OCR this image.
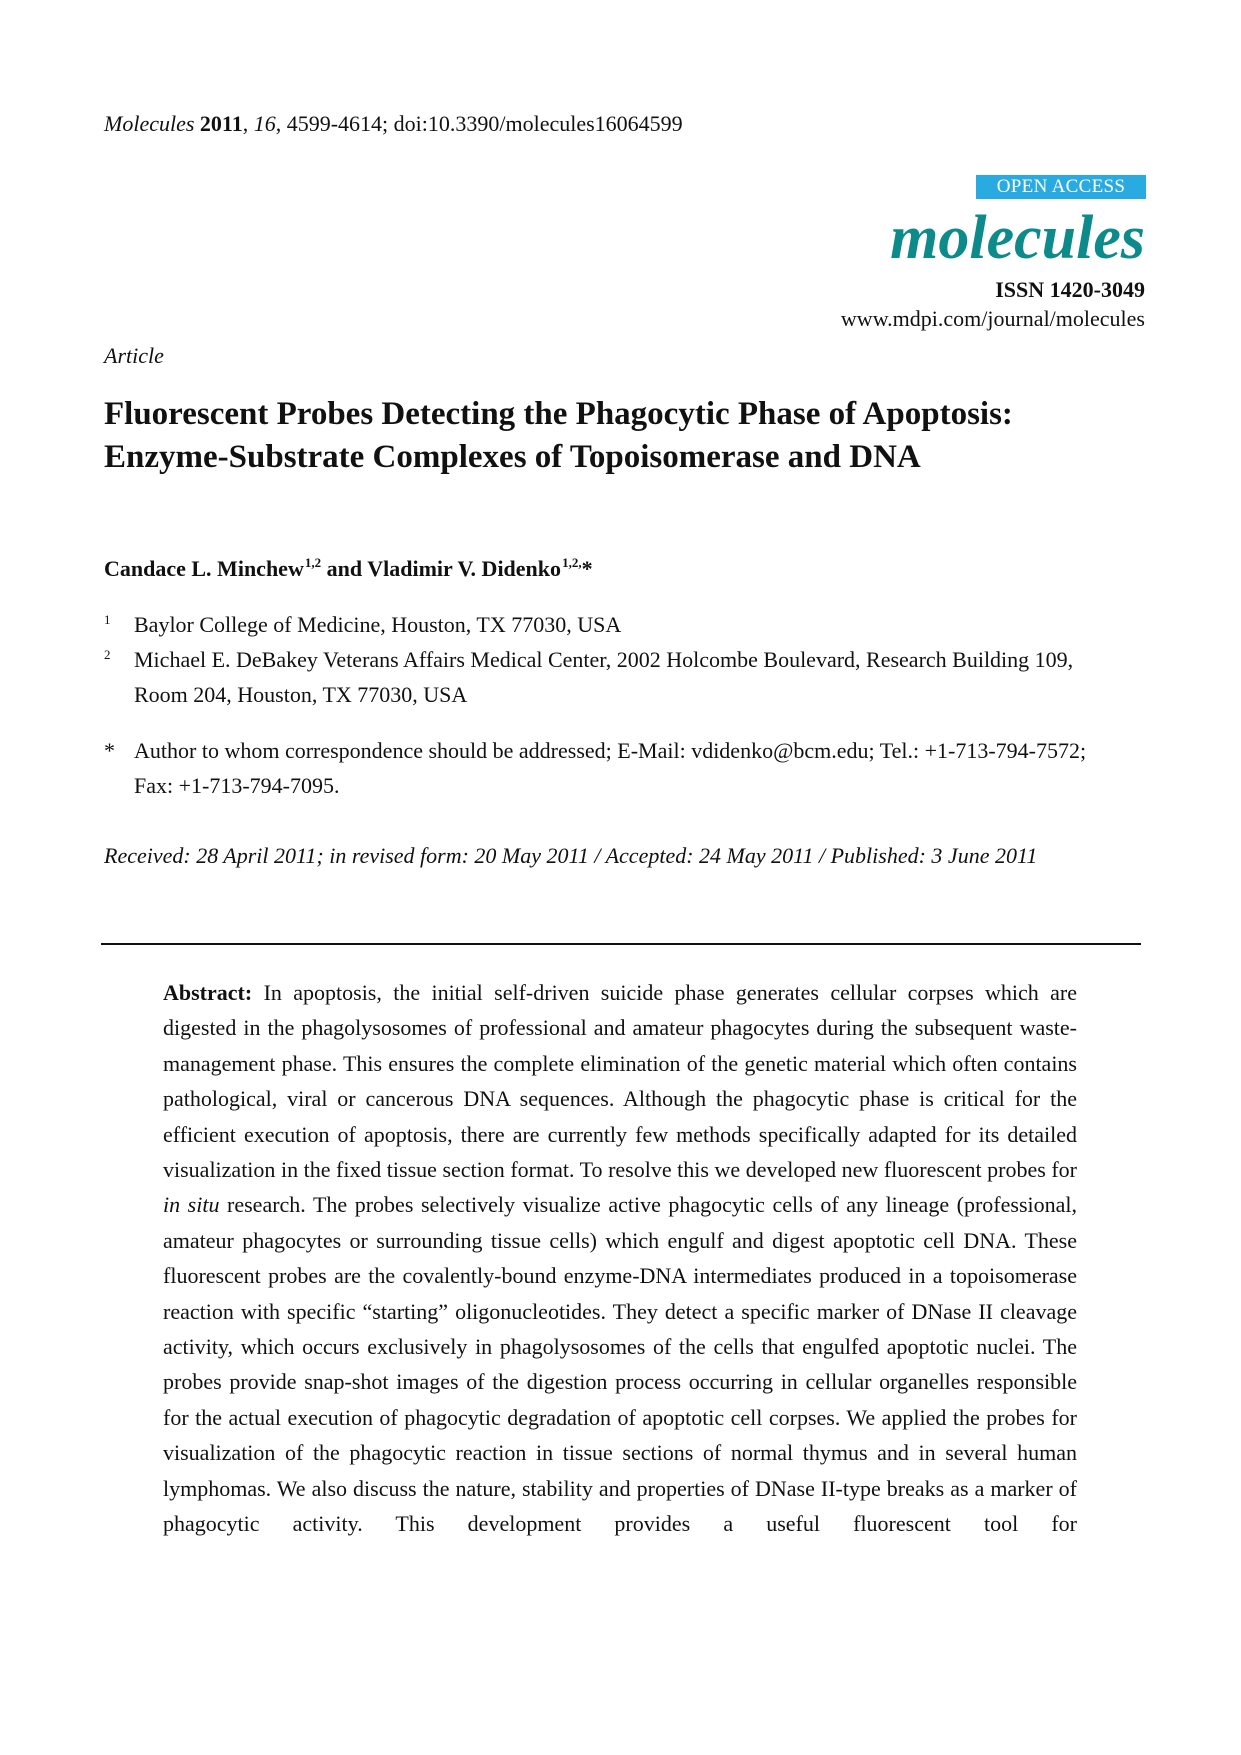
Molecules 2011, 16, 4599-4614; doi:10.3390/molecules16064599
OPEN ACCESS
molecules
ISSN 1420-3049
www.mdpi.com/journal/molecules
Article
Fluorescent Probes Detecting the Phagocytic Phase of Apoptosis: Enzyme-Substrate Complexes of Topoisomerase and DNA
Candace L. Minchew $^{1,2}$ and Vladimir V. Didenko $^{1,2,}$*
1	Baylor College of Medicine, Houston, TX 77030, USA
2	Michael E. DeBakey Veterans Affairs Medical Center, 2002 Holcombe Boulevard, Research Building 109, Room 204, Houston, TX 77030, USA
* Author to whom correspondence should be addressed; E-Mail: vdidenko@bcm.edu; Tel.: +1-713-794-7572; Fax: +1-713-794-7095.
Received: 28 April 2011; in revised form: 20 May 2011 / Accepted: 24 May 2011 / Published: 3 June 2011
Abstract: In apoptosis, the initial self-driven suicide phase generates cellular corpses which are digested in the phagolysosomes of professional and amateur phagocytes during the subsequent waste-management phase. This ensures the complete elimination of the genetic material which often contains pathological, viral or cancerous DNA sequences. Although the phagocytic phase is critical for the efficient execution of apoptosis, there are currently few methods specifically adapted for its detailed visualization in the fixed tissue section format. To resolve this we developed new fluorescent probes for in situ research. The probes selectively visualize active phagocytic cells of any lineage (professional, amateur phagocytes or surrounding tissue cells) which engulf and digest apoptotic cell DNA. These fluorescent probes are the covalently-bound enzyme-DNA intermediates produced in a topoisomerase reaction with specific “starting” oligonucleotides. They detect a specific marker of DNase II cleavage activity, which occurs exclusively in phagolysosomes of the cells that engulfed apoptotic nuclei. The probes provide snap-shot images of the digestion process occurring in cellular organelles responsible for the actual execution of phagocytic degradation of apoptotic cell corpses. We applied the probes for visualization of the phagocytic reaction in tissue sections of normal thymus and in several human lymphomas. We also discuss the nature, stability and properties of DNase II-type breaks as a marker of phagocytic activity. This development provides a useful fluorescent tool for
